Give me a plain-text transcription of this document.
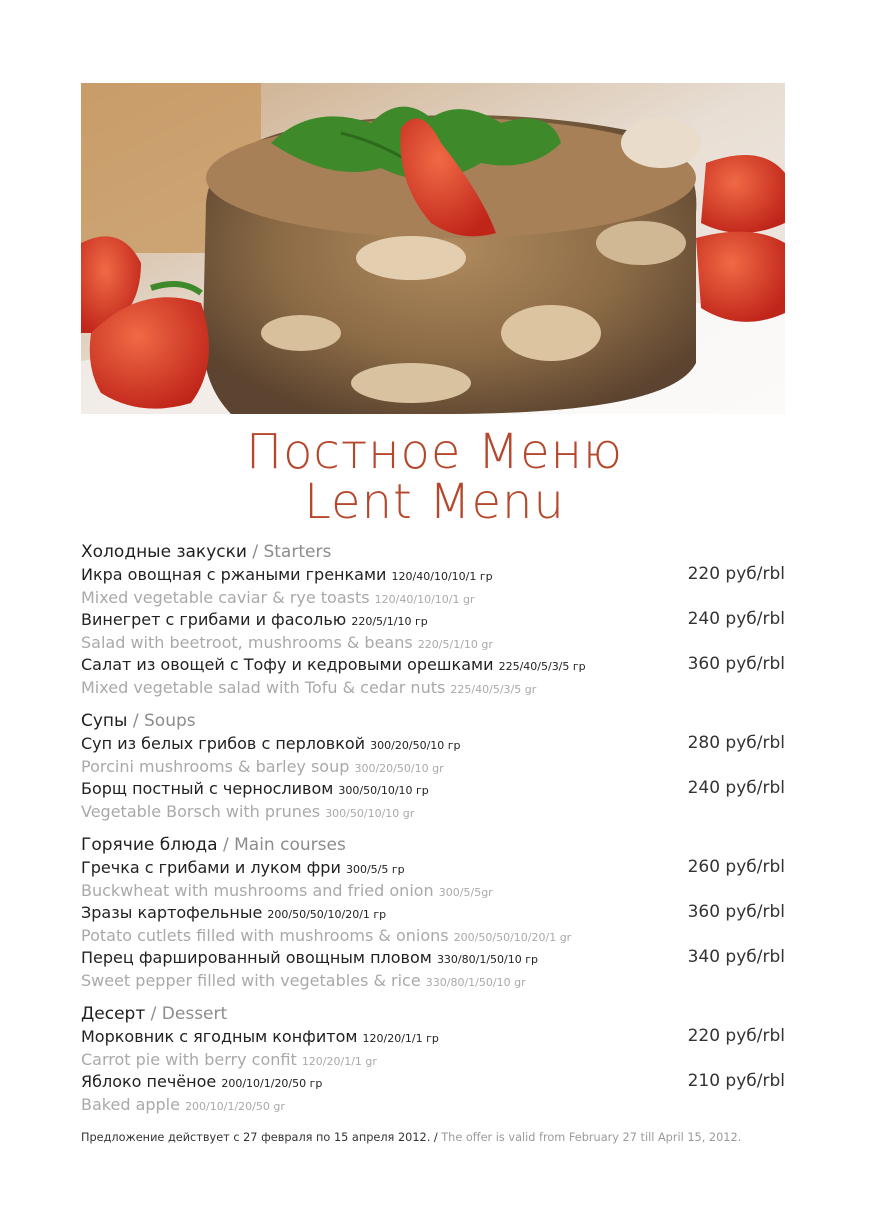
Постное Меню
Lent Menu
Холодные закуски / Starters
Икра овощная с ржаными гренками 120/40/10/10/1 гр
Mixed vegetable caviar & rye toasts 120/40/10/10/1 gr
220 руб/rbl
Винегрет с грибами и фасолью 220/5/1/10 гр
Salad with beetroot, mushrooms & beans 220/5/1/10 gr
240 руб/rbl
Салат из овощей с Тофу и кедровыми орешками 225/40/5/3/5 гр
Mixed vegetable salad with Tofu & cedar nuts 225/40/5/3/5 gr
360 руб/rbl
Супы / Soups
Суп из белых грибов с перловкой 300/20/50/10 гр
Porcini mushrooms & barley soup 300/20/50/10 gr
280 руб/rbl
Борщ постный с черносливом 300/50/10/10 гр
Vegetable Borsch with prunes 300/50/10/10 gr
240 руб/rbl
Горячие блюда / Main courses
Гречка с грибами и луком фри 300/5/5 гр
Buckwheat with mushrooms and fried onion 300/5/5gr
260 руб/rbl
Зразы картофельные 200/50/50/10/20/1 гр
Potato cutlets filled with mushrooms & onions 200/50/50/10/20/1 gr
360 руб/rbl
Перец фаршированный овощным пловом 330/80/1/50/10 гр
Sweet pepper filled with vegetables & rice 330/80/1/50/10 gr
340 руб/rbl
Десерт / Dessert
Морковник с ягодным конфитом 120/20/1/1 гр
Carrot pie with berry confit 120/20/1/1 gr
220 руб/rbl
Яблоко печёное 200/10/1/20/50 гр
Baked apple 200/10/1/20/50 gr
210 руб/rbl
Предложение действует с 27 февраля по 15 апреля 2012. / The offer is valid from February 27 till April 15, 2012.
